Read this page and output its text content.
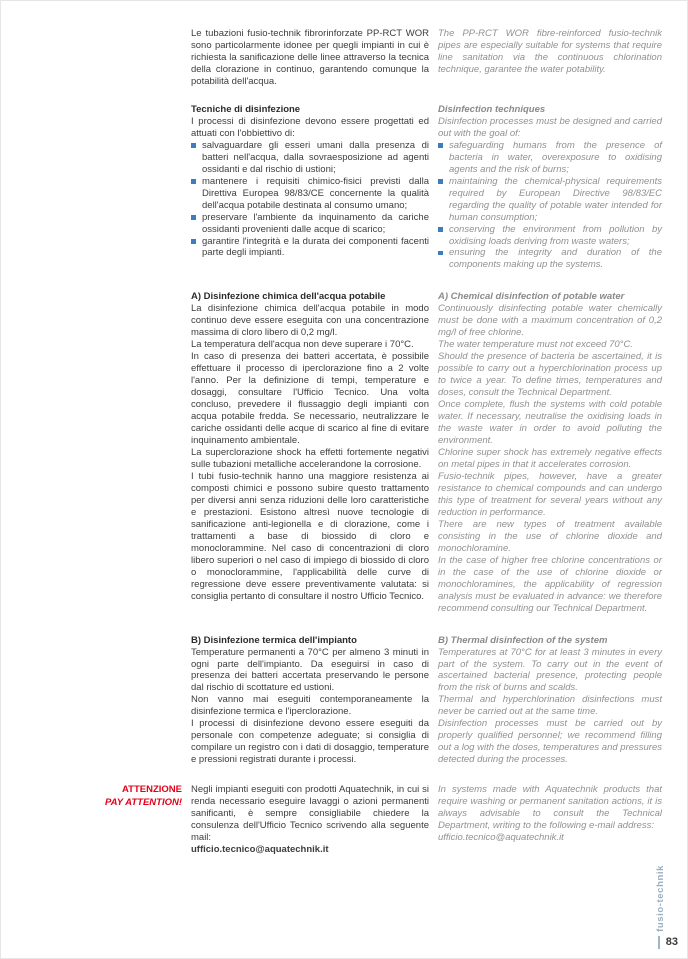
Le tubazioni fusio-technik fibrorinforzate PP-RCT WOR sono particolarmente idonee per quegli impianti in cui è richiesta la sanificazione delle linee attraverso la tecnica della clorazione in continuo, garantendo comunque la potabilità dell'acqua.

The PP-RCT WOR fibre-reinforced fusio-technik pipes are especially suitable for systems that require line sanitation via the continuous chlorination technique, garantee the water potability.

Tecniche di disinfezione

I processi di disinfezione devono essere progettati ed attuati con l'obbiettivo di:

salvaguardare gli esseri umani dalla presenza di batteri nell'acqua, dalla sovraesposizione ad agenti ossidanti e dal rischio di ustioni;

mantenere i requisiti chimico-fisici previsti dalla Direttiva Europea 98/83/CE concernente la qualità dell'acqua potabile destinata al consumo umano;

preservare l'ambiente da inquinamento da cariche ossidanti provenienti dalle acque di scarico;

garantire l'integrità e la durata dei componenti facenti parte degli impianti.

Disinfection techniques

Disinfection processes must be designed and carried out with the goal of:

safeguarding humans from the presence of bacteria in water, overexposure to oxidising agents and the risk of burns;

maintaining the chemical-physical requirements required by European Directive 98/83/EC regarding the quality of potable water intended for human consumption;

conserving the environment from pollution by oxidising loads deriving from waste waters;

ensuring the integrity and duration of the components making up the systems.

A) Disinfezione chimica dell'acqua potabile

La disinfezione chimica dell'acqua potabile in modo continuo deve essere eseguita con una concentrazione massima di cloro libero di 0,2 mg/l.

La temperatura dell'acqua non deve superare i 70°C.

In caso di presenza dei batteri accertata, è possibile effettuare il processo di iperclorazione fino a 2 volte l'anno. Per la definizione di tempi, temperature e dosaggi, consultare l'Ufficio Tecnico. Una volta concluso, prevedere il flussaggio degli impianti con acqua potabile fredda. Se necessario, neutralizzare le cariche ossidanti delle acque di scarico al fine di evitare inquinamento ambientale.

La superclorazione shock ha effetti fortemente negativi sulle tubazioni metalliche accelerandone la corrosione.

I tubi fusio-technik hanno una maggiore resistenza ai composti chimici e possono subire questo trattamento per diversi anni senza riduzioni delle loro caratteristiche e prestazioni. Esistono altresì nuove tecnologie di sanificazione anti-legionella e di clorazione, come i trattamenti a base di biossido di cloro e monoclorammine. Nel caso di concentrazioni di cloro libero superiori o nel caso di impiego di biossido di cloro o monoclorammine, l'applicabilità delle curve di regressione deve essere preventivamente valutata: si consiglia pertanto di consultare il nostro Ufficio Tecnico.

A) Chemical disinfection of potable water

Continuously disinfecting potable water chemically must be done with a maximum concentration of 0,2 mg/l of free chlorine.

The water temperature must not exceed 70°C.

Should the presence of bacteria be ascertained, it is possible to carry out a hyperchlorination process up to twice a year. To define times, temperatures and doses, consult the Technical Department.

Once complete, flush the systems with cold potable water. If necessary, neutralise the oxidising loads in the waste water in order to avoid polluting the environment.

Chlorine super shock has extremely negative effects on metal pipes in that it accelerates corrosion.

Fusio-technik pipes, however, have a greater resistance to chemical compounds and can undergo this type of treatment for several years without any reduction in performance.

There are new types of treatment available consisting in the use of chlorine dioxide and monochloramine.

In the case of higher free chlorine concentrations or in the case of the use of chlorine dioxide or monochloramines, the applicability of regression analysis must be evaluated in advance: we therefore recommend consulting our Technical Department.

B) Disinfezione termica dell'impianto

Temperature permanenti a 70°C per almeno 3 minuti in ogni parte dell'impianto. Da eseguirsi in caso di presenza dei batteri accertata preservando le persone dal rischio di scottature ed ustioni.

Non vanno mai eseguiti contemporaneamente la disinfezione termica e l'iperclorazione.

I processi di disinfezione devono essere eseguiti da personale con competenze adeguate; si consiglia di compilare un registro con i dati di dosaggio, temperature e pressioni registrati durante i processi.

B) Thermal disinfection of the system

Temperatures at 70°C for at least 3 minutes in every part of the system. To carry out in the event of ascertained bacterial presence, protecting people from the risk of burns and scalds.

Thermal and hyperchlorination disinfections must never be carried out at the same time.

Disinfection processes must be carried out by properly qualified personnel; we recommend filling out a log with the doses, temperatures and pressures detected during the processes.

ATTENZIONE
PAY ATTENTION!

Negli impianti eseguiti con prodotti Aquatechnik, in cui si renda necessario eseguire lavaggi o azioni permanenti sanificanti, è sempre consigliabile chiedere la consulenza dell'Ufficio Tecnico scrivendo alla seguente mail:

ufficio.tecnico@aquatechnik.it

In systems made with Aquatechnik products that require washing or permanent sanitation actions, it is always advisable to consult the Technical Department, writing to the following e-mail address:

ufficio.tecnico@aquatechnik.it

fusio-technik
83
